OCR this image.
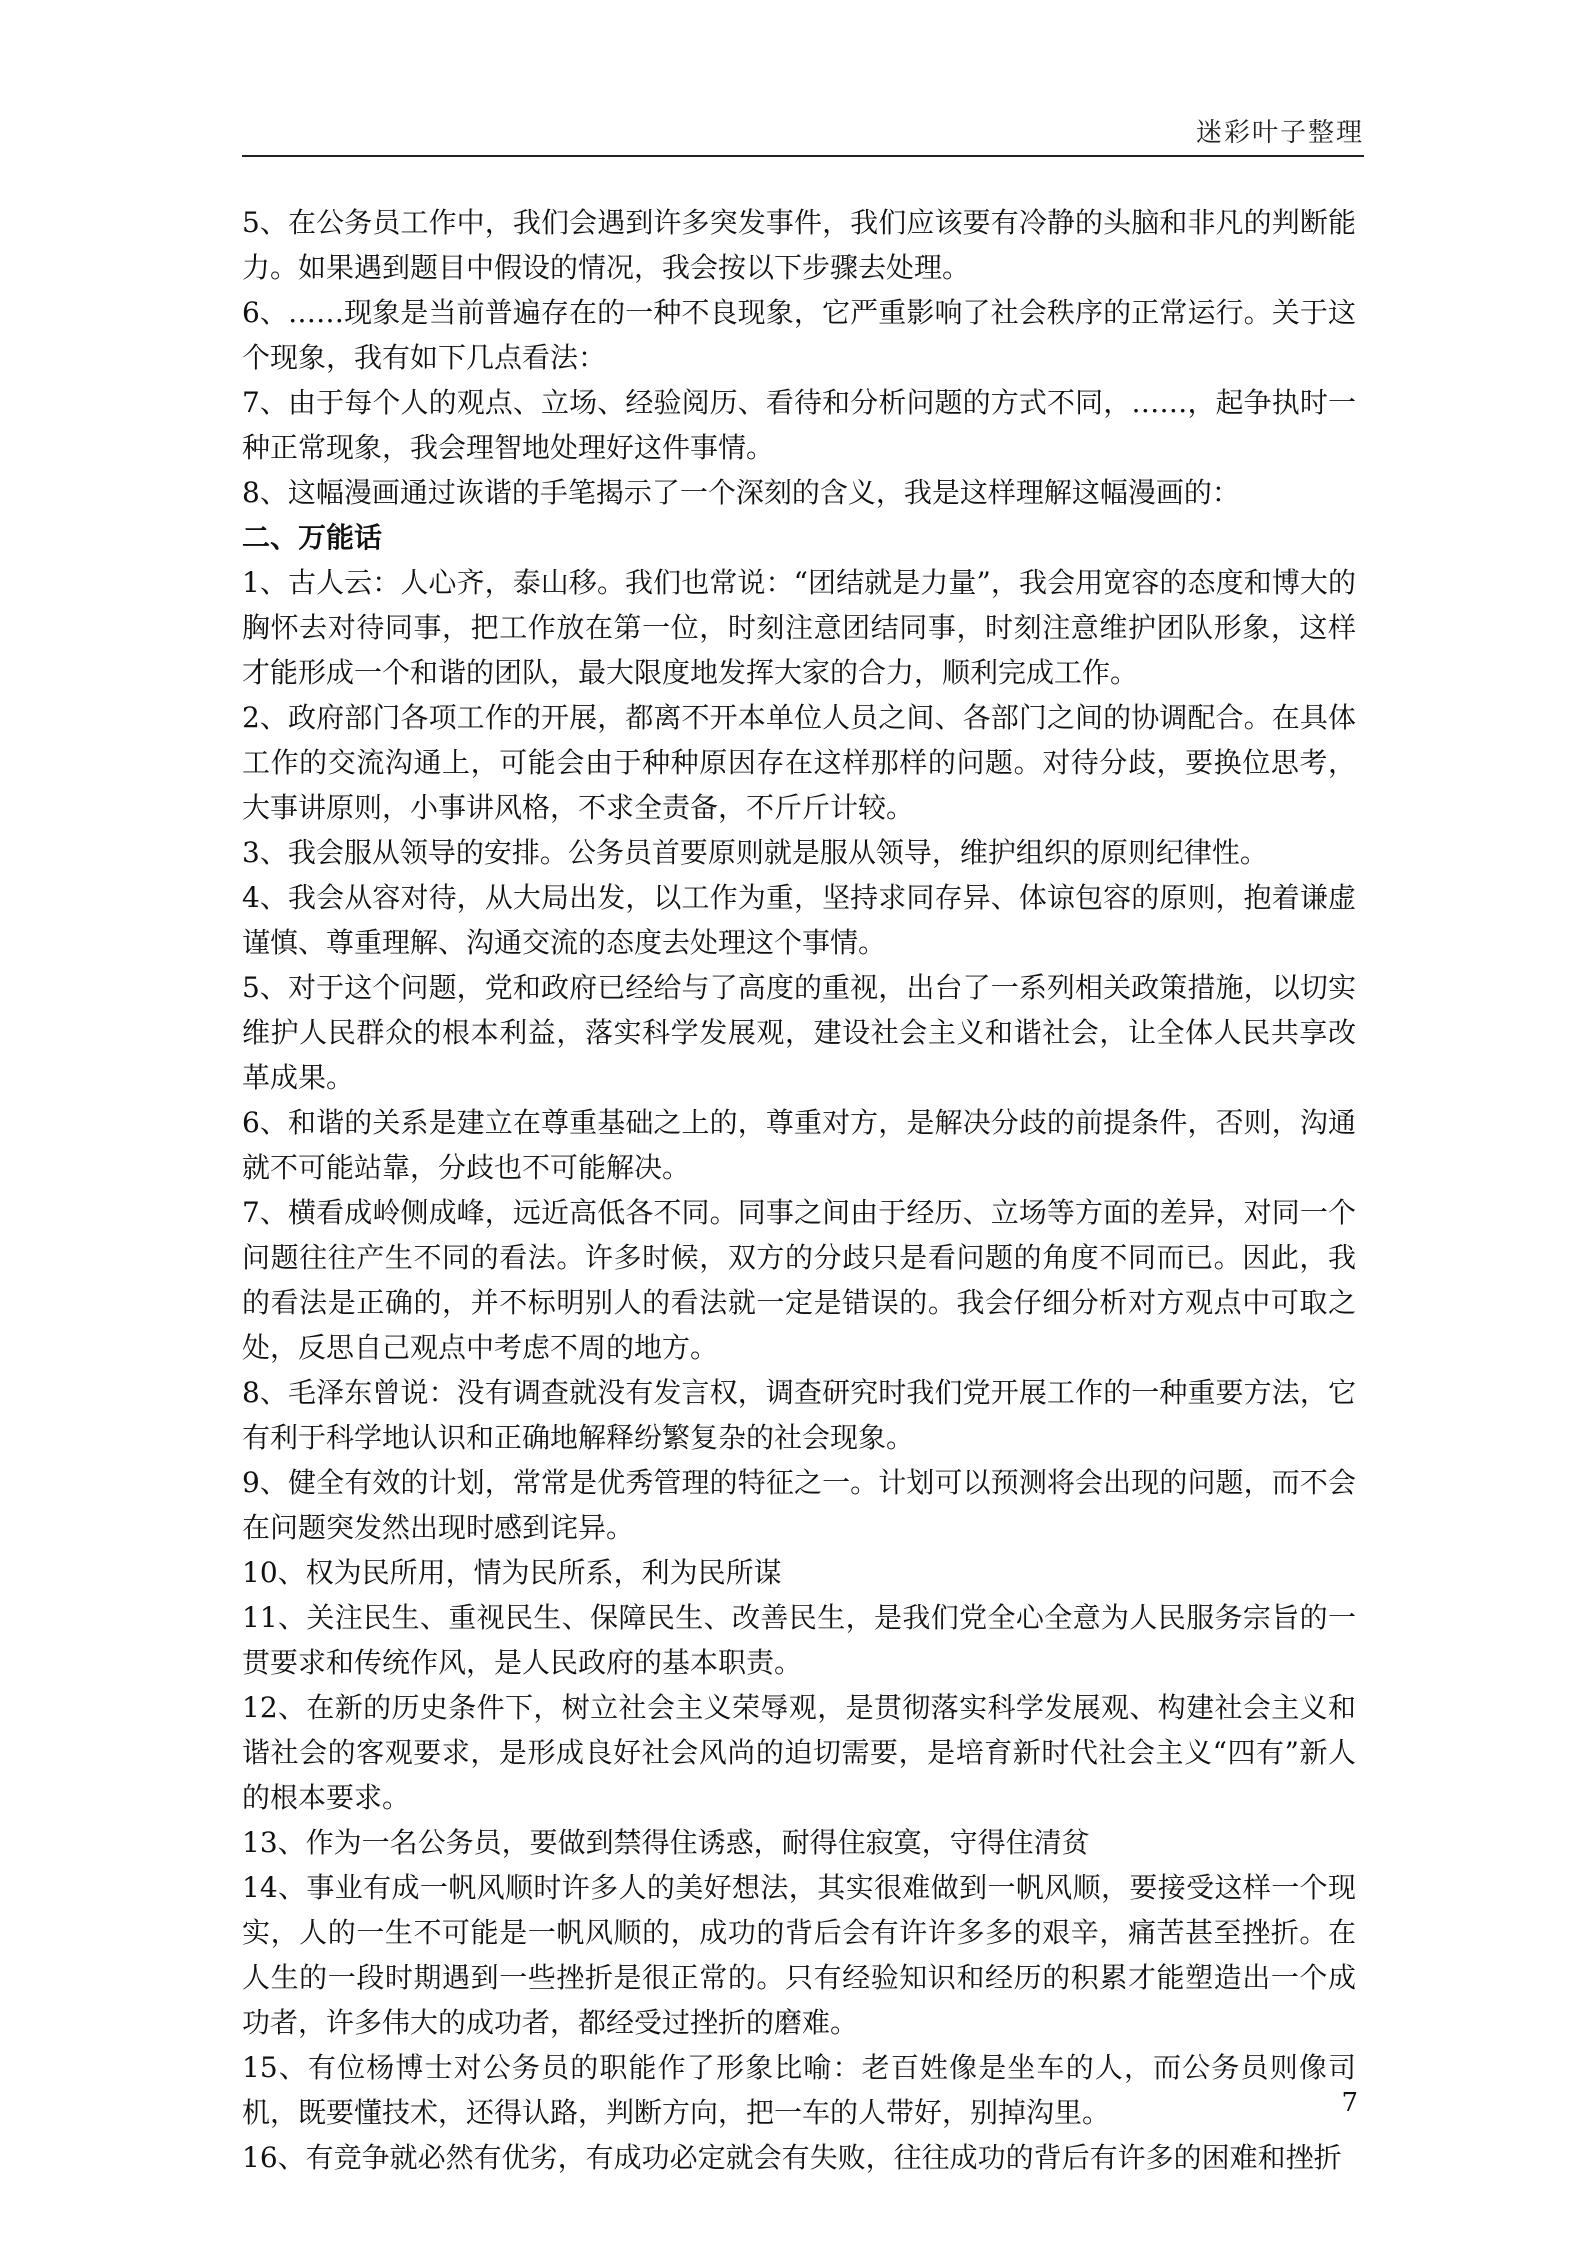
迷彩叶子整理

5、在公务员工作中，我们会遇到许多突发事件，我们应该要有冷静的头脑和非凡的判断能力。如果遇到题目中假设的情况，我会按以下步骤去处理。

6、……现象是当前普遍存在的一种不良现象，它严重影响了社会秩序的正常运行。关于这个现象，我有如下几点看法：

7、由于每个人的观点、立场、经验阅历、看待和分析问题的方式不同，……，起争执时一种正常现象，我会理智地处理好这件事情。

8、这幅漫画通过诙谐的手笔揭示了一个深刻的含义，我是这样理解这幅漫画的：

二、万能话

1、古人云：人心齐，泰山移。我们也常说：“团结就是力量”，我会用宽容的态度和博大的胸怀去对待同事，把工作放在第一位，时刻注意团结同事，时刻注意维护团队形象，这样才能形成一个和谐的团队，最大限度地发挥大家的合力，顺利完成工作。

2、政府部门各项工作的开展，都离不开本单位人员之间、各部门之间的协调配合。在具体工作的交流沟通上，可能会由于种种原因存在这样那样的问题。对待分歧，要换位思考，大事讲原则，小事讲风格，不求全责备，不斤斤计较。

3、我会服从领导的安排。公务员首要原则就是服从领导，维护组织的原则纪律性。

4、我会从容对待，从大局出发，以工作为重，坚持求同存异、体谅包容的原则，抱着谦虚谨慎、尊重理解、沟通交流的态度去处理这个事情。

5、对于这个问题，党和政府已经给与了高度的重视，出台了一系列相关政策措施，以切实维护人民群众的根本利益，落实科学发展观，建设社会主义和谐社会，让全体人民共享改革成果。

6、和谐的关系是建立在尊重基础之上的，尊重对方，是解决分歧的前提条件，否则，沟通就不可能站靠，分歧也不可能解决。

7、横看成岭侧成峰，远近高低各不同。同事之间由于经历、立场等方面的差异，对同一个问题往往产生不同的看法。许多时候，双方的分歧只是看问题的角度不同而已。因此，我的看法是正确的，并不标明别人的看法就一定是错误的。我会仔细分析对方观点中可取之处，反思自己观点中考虑不周的地方。

8、毛泽东曾说：没有调查就没有发言权，调查研究时我们党开展工作的一种重要方法，它有利于科学地认识和正确地解释纷繁复杂的社会现象。

9、健全有效的计划，常常是优秀管理的特征之一。计划可以预测将会出现的问题，而不会在问题突发然出现时感到诧异。

10、权为民所用，情为民所系，利为民所谋

11、关注民生、重视民生、保障民生、改善民生，是我们党全心全意为人民服务宗旨的一贯要求和传统作风，是人民政府的基本职责。

12、在新的历史条件下，树立社会主义荣辱观，是贯彻落实科学发展观、构建社会主义和谐社会的客观要求，是形成良好社会风尚的迫切需要，是培育新时代社会主义“四有”新人的根本要求。

13、作为一名公务员，要做到禁得住诱惑，耐得住寂寞，守得住清贫

14、事业有成一帆风顺时许多人的美好想法，其实很难做到一帆风顺，要接受这样一个现实，人的一生不可能是一帆风顺的，成功的背后会有许许多多的艰辛，痛苦甚至挫折。在人生的一段时期遇到一些挫折是很正常的。只有经验知识和经历的积累才能塑造出一个成功者，许多伟大的成功者，都经受过挫折的磨难。

15、有位杨博士对公务员的职能作了形象比喻：老百姓像是坐车的人，而公务员则像司机，既要懂技术，还得认路，判断方向，把一车的人带好，别掉沟里。

16、有竞争就必然有优劣，有成功必定就会有失败，往往成功的背后有许多的困难和挫折

7
